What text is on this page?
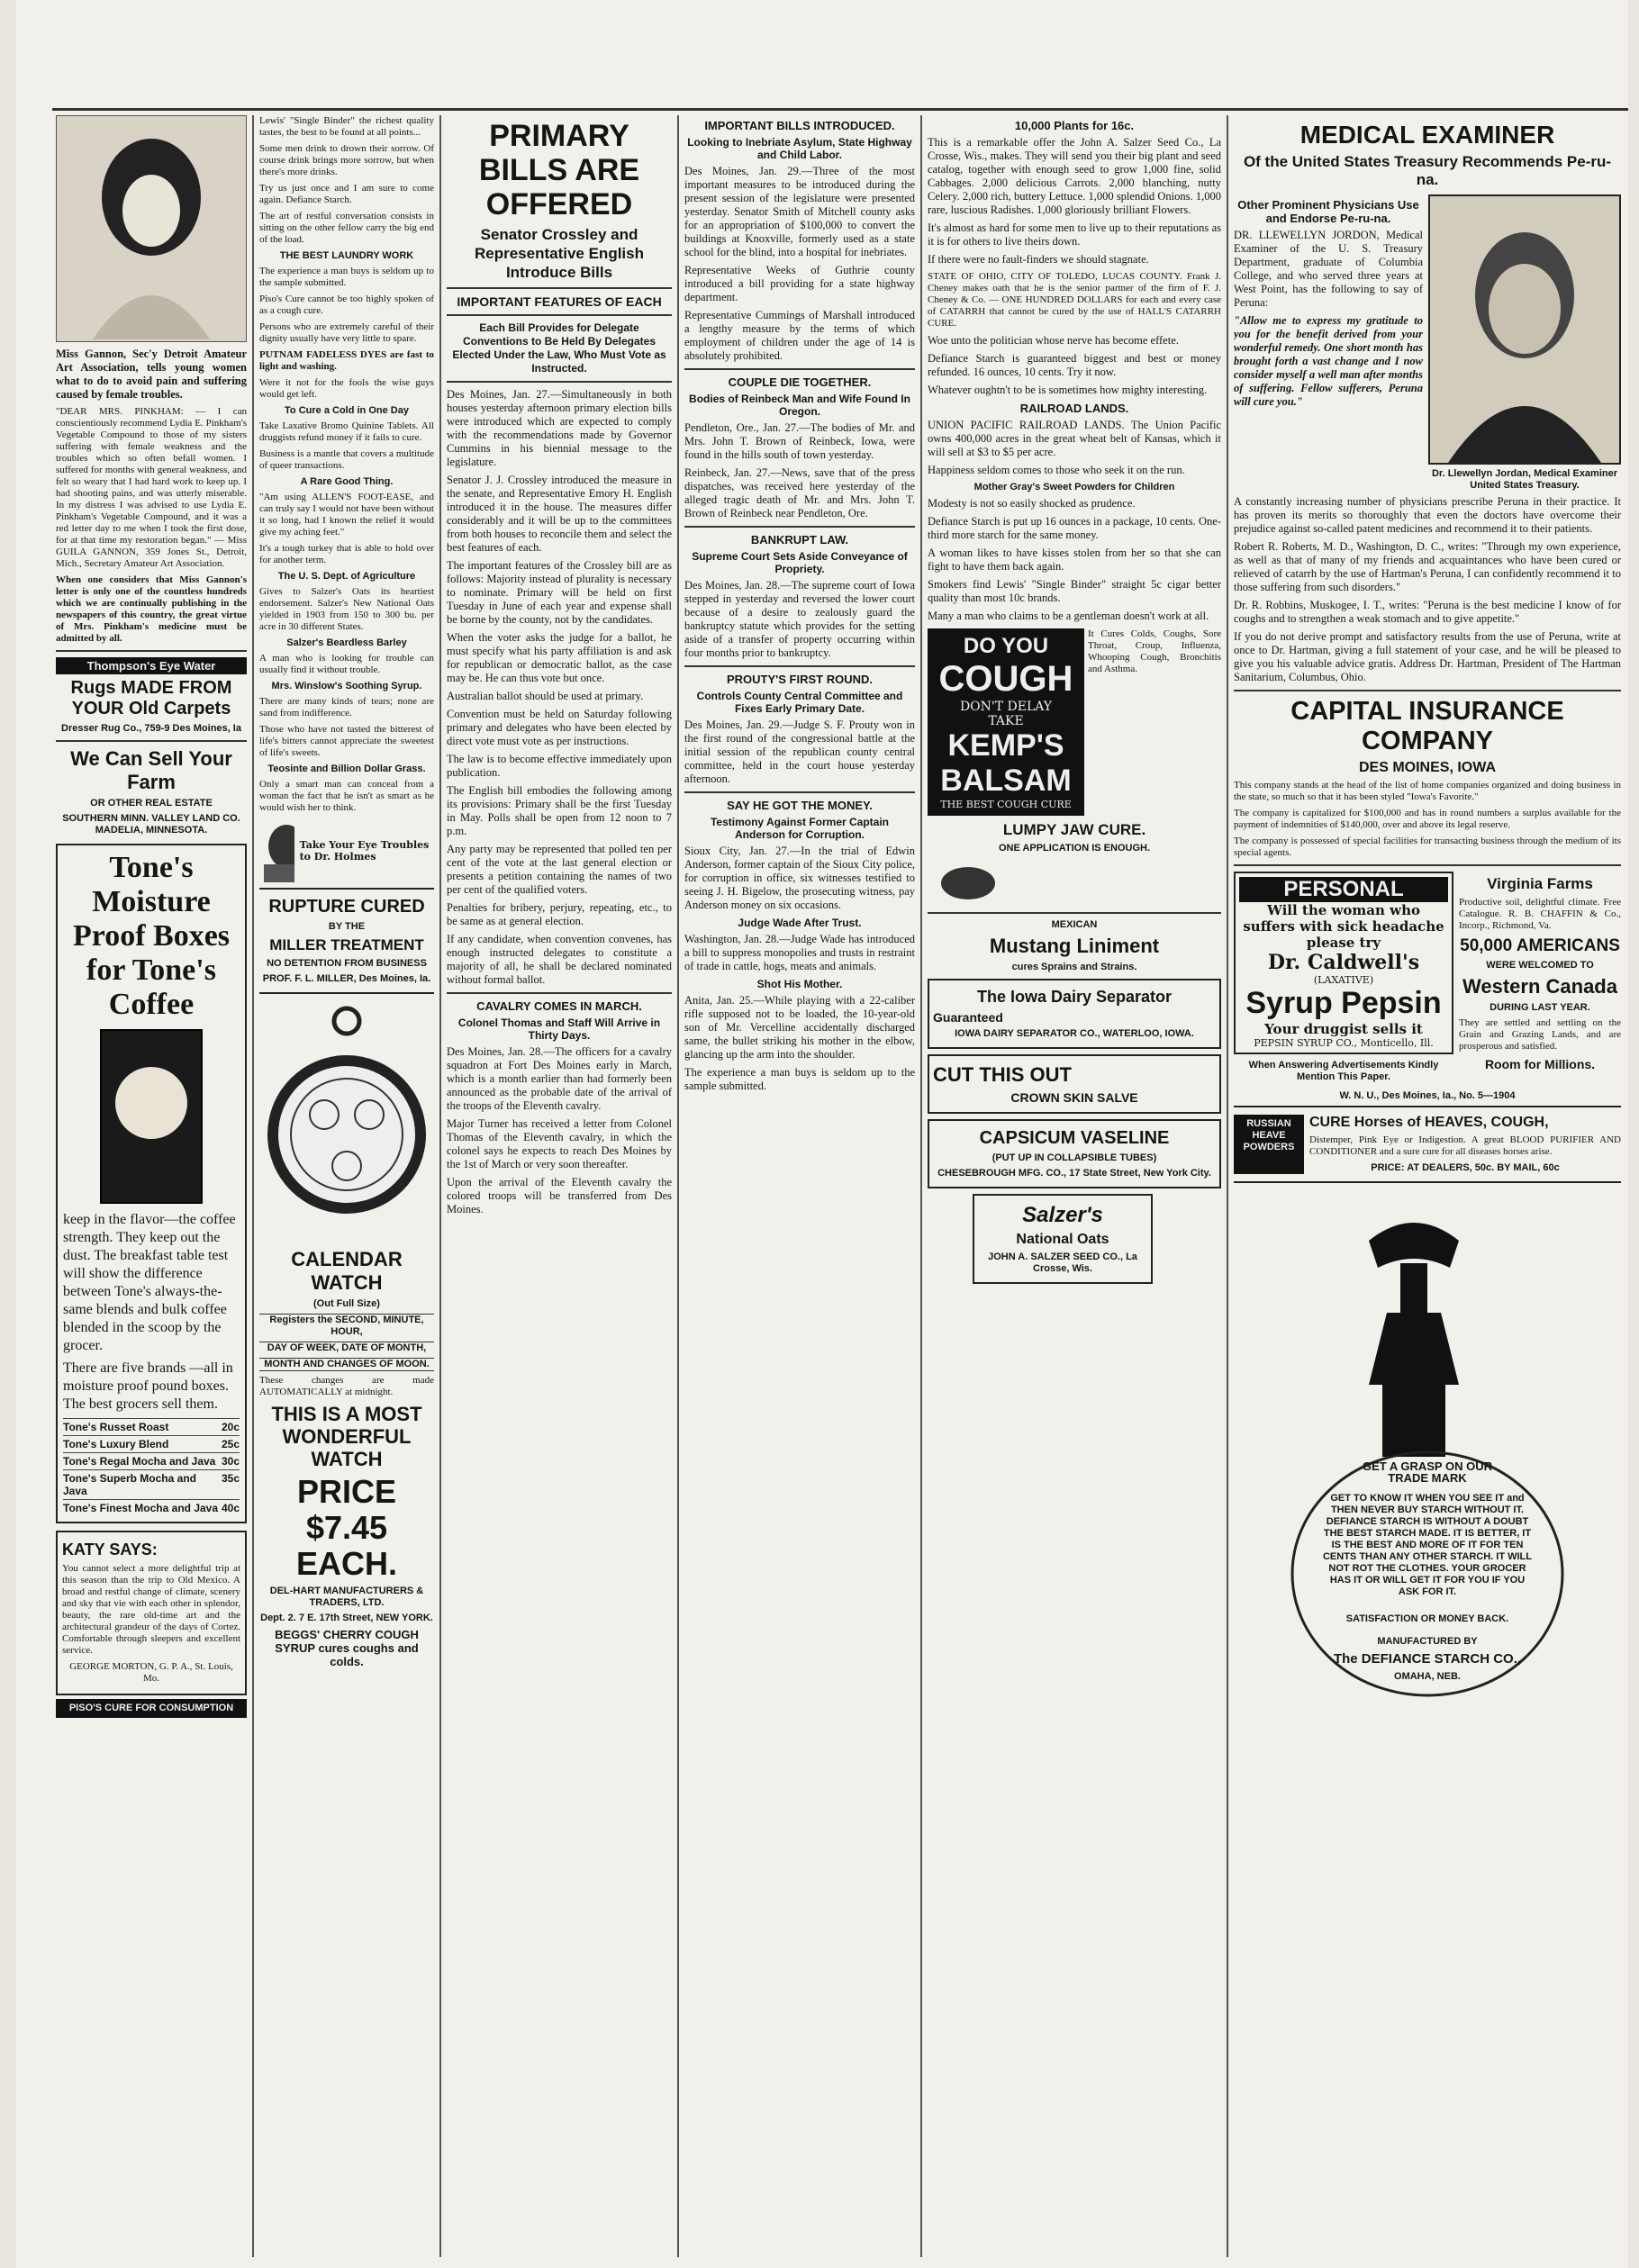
Miss Gannon, Sec'y Detroit Amateur Art Association, tells young women what to do to avoid pain and suffering caused by female troubles.

"DEAR MRS. PINKHAM: — I can conscientiously recommend Lydia E. Pinkham's Vegetable Compound to those of my sisters suffering with female weakness and the troubles which so often befall women. I suffered for months with general weakness, and felt so weary that I had hard work to keep up. I had shooting pains, and was utterly miserable. In my distress I was advised to use Lydia E. Pinkham's Vegetable Compound, and it was a red letter day to me when I took the first dose, for at that time my restoration began." — Miss GUILA GANNON, 359 Jones St., Detroit, Mich., Secretary Amateur Art Association.

When one considers that Miss Gannon's letter is only one of the countless hundreds which we are continually publishing in the newspapers of this country, the great virtue of Mrs. Pinkham's medicine must be admitted by all.

Thompson's Eye Water
Rugs MADE FROM YOUR Old Carpets
Dresser Rug Co., 759-9 Des Moines, Ia
We Can Sell Your Farm
OR OTHER REAL ESTATE
SOUTHERN MINN. VALLEY LAND CO. MADELIA, MINNESOTA.
Tone's Moisture Proof Boxes for Tone's Coffee

keep in the flavor—the coffee strength. They keep out the dust. The breakfast table test will show the difference between Tone's always-the-same blends and bulk coffee blended in the scoop by the grocer.

There are five brands —all in moisture proof pound boxes. The best grocers sell them.

Tone's Russet Roast	20c
Tone's Luxury Blend	25c
Tone's Regal Mocha and Java 30c
Tone's Superb Mocha and Java
35c
Tone's Finest Mocha and Java 40c
KATY SAYS:

You cannot select a more delightful trip at this season than the trip to Old Mexico. A broad and restful change of climate, scenery and sky that vie with each other in splendor, beauty, the rare old-time art and the architectural grandeur of the days of Cortez. Comfortable through sleepers and excellent service.

GEORGE MORTON, G. P. A., St. Louis, Mo.

PISO'S CURE FOR CONSUMPTION

Lewis' "Single Binder" the richest quality tastes, the best to be found at all points...

Some men drink to drown their sorrow. Of course drink brings more sorrow, but when there's more drinks.

Try us just once and I am sure to come again. Defiance Starch.

The art of restful conversation consists in sitting on the other fellow carry the big end of the load.

THE BEST LAUNDRY WORK

The experience a man buys is seldom up to the sample submitted.

Piso's Cure cannot be too highly spoken of as a cough cure.

Persons who are extremely careful of their dignity usually have very little to spare.

PUTNAM FADELESS DYES are fast to light and washing.

Were it not for the fools the wise guys would get left.

To Cure a Cold in One Day

Take Laxative Bromo Quinine Tablets. All druggists refund money if it fails to cure.

Business is a mantle that covers a multitude of queer transactions.

A Rare Good Thing.

"Am using ALLEN'S FOOT-EASE, and can truly say I would not have been without it so long, had I known the relief it would give my aching feet."

It's a tough turkey that is able to hold over for another term.

The U. S. Dept. of Agriculture

Gives to Salzer's Oats its heartiest endorsement. Salzer's New National Oats yielded in 1903 from 150 to 300 bu. per acre in 30 different States.

Salzer's Beardless Barley

A man who is looking for trouble can usually find it without trouble.

Mrs. Winslow's Soothing Syrup.

There are many kinds of tears; none are sand from indifference.

Those who have not tasted the bitterest of life's bitters cannot appreciate the sweetest of life's sweets.

Teosinte and Billion Dollar Grass.

Only a smart man can conceal from a woman the fact that he isn't as smart as he would wish her to think.

Take Your Eye Troubles to Dr. Holmes
RUPTURE CURED
BY THE
MILLER TREATMENT
NO DETENTION FROM BUSINESS
PROF. F. L. MILLER, Des Moines, Ia.
CALENDAR WATCH
(Out Full Size)
Registers the SECOND, MINUTE, HOUR,
DAY OF WEEK, DATE OF MONTH,
MONTH AND CHANGES OF MOON.

These changes are made AUTOMATICALLY at midnight.

THIS IS A MOST WONDERFUL WATCH
PRICE $7.45 EACH.
DEL-HART MANUFACTURERS & TRADERS, LTD.
Dept. 2. 7 E. 17th Street, NEW YORK.
BEGGS' CHERRY COUGH SYRUP cures coughs and colds.
PRIMARY BILLS ARE OFFERED
Senator Crossley and Representative English Introduce Bills
IMPORTANT FEATURES OF EACH
Each Bill Provides for Delegate Conventions to Be Held By Delegates Elected Under the Law, Who Must Vote as Instructed.

Des Moines, Jan. 27.—Simultaneously in both houses yesterday afternoon primary election bills were introduced which are expected to comply with the recommendations made by Governor Cummins in his biennial message to the legislature.

Senator J. J. Crossley introduced the measure in the senate, and Representative Emory H. English introduced it in the house. The measures differ considerably and it will be up to the committees from both houses to reconcile them and select the best features of each.

The important features of the Crossley bill are as follows: Majority instead of plurality is necessary to nominate. Primary will be held on first Tuesday in June of each year and expense shall be borne by the county, not by the candidates.

When the voter asks the judge for a ballot, he must specify what his party affiliation is and ask for republican or democratic ballot, as the case may be. He can thus vote but once.

Australian ballot should be used at primary.

Convention must be held on Saturday following primary and delegates who have been elected by direct vote must vote as per instructions.

The law is to become effective immediately upon publication.

The English bill embodies the following among its provisions: Primary shall be the first Tuesday in May. Polls shall be open from 12 noon to 7 p.m.

Any party may be represented that polled ten per cent of the vote at the last general election or presents a petition containing the names of two per cent of the qualified voters.

Penalties for bribery, perjury, repeating, etc., to be same as at general election.

If any candidate, when convention convenes, has enough instructed delegates to constitute a majority of all, he shall be declared nominated without formal ballot.

CAVALRY COMES IN MARCH.
Colonel Thomas and Staff Will Arrive in Thirty Days.

Des Moines, Jan. 28.—The officers for a cavalry squadron at Fort Des Moines early in March, which is a month earlier than had formerly been announced as the probable date of the arrival of the troops of the Eleventh cavalry.

Major Turner has received a letter from Colonel Thomas of the Eleventh cavalry, in which the colonel says he expects to reach Des Moines by the 1st of March or very soon thereafter.

Upon the arrival of the Eleventh cavalry the colored troops will be transferred from Des Moines.

IMPORTANT BILLS INTRODUCED.
Looking to Inebriate Asylum, State Highway and Child Labor.

Des Moines, Jan. 29.—Three of the most important measures to be introduced during the present session of the legislature were presented yesterday. Senator Smith of Mitchell county asks for an appropriation of $100,000 to convert the buildings at Knoxville, formerly used as a state school for the blind, into a hospital for inebriates.

Representative Weeks of Guthrie county introduced a bill providing for a state highway department.

Representative Cummings of Marshall introduced a lengthy measure by the terms of which employment of children under the age of 14 is absolutely prohibited.

COUPLE DIE TOGETHER.
Bodies of Reinbeck Man and Wife Found In Oregon.

Pendleton, Ore., Jan. 27.—The bodies of Mr. and Mrs. John T. Brown of Reinbeck, Iowa, were found in the hills south of town yesterday.

Reinbeck, Jan. 27.—News, save that of the press dispatches, was received here yesterday of the alleged tragic death of Mr. and Mrs. John T. Brown of Reinbeck near Pendleton, Ore.

BANKRUPT LAW.
Supreme Court Sets Aside Conveyance of Propriety.

Des Moines, Jan. 28.—The supreme court of Iowa stepped in yesterday and reversed the lower court because of a desire to zealously guard the bankruptcy statute which provides for the setting aside of a transfer of property occurring within four months prior to bankruptcy.

PROUTY'S FIRST ROUND.
Controls County Central Committee and Fixes Early Primary Date.

Des Moines, Jan. 29.—Judge S. F. Prouty won in the first round of the congressional battle at the initial session of the republican county central committee, held in the court house yesterday afternoon.

SAY HE GOT THE MONEY.
Testimony Against Former Captain Anderson for Corruption.

Sioux City, Jan. 27.—In the trial of Edwin Anderson, former captain of the Sioux City police, for corruption in office, six witnesses testified to seeing J. H. Bigelow, the prosecuting witness, pay Anderson money on six occasions.

Judge Wade After Trust.

Washington, Jan. 28.—Judge Wade has introduced a bill to suppress monopolies and trusts in restraint of trade in cattle, hogs, meats and animals.

Shot His Mother.

Anita, Jan. 25.—While playing with a 22-caliber rifle supposed not to be loaded, the 10-year-old son of Mr. Vercelline accidentally discharged same, the bullet striking his mother in the elbow, glancing up the arm into the shoulder.

The experience a man buys is seldom up to the sample submitted.

10,000 Plants for 16c.

This is a remarkable offer the John A. Salzer Seed Co., La Crosse, Wis., makes. They will send you their big plant and seed catalog, together with enough seed to grow 1,000 fine, solid Cabbages. 2,000 delicious Carrots. 2,000 blanching, nutty Celery. 2,000 rich, buttery Lettuce. 1,000 splendid Onions. 1,000 rare, luscious Radishes. 1,000 gloriously brilliant Flowers.

It's almost as hard for some men to live up to their reputations as it is for others to live theirs down.

If there were no fault-finders we should stagnate.

STATE OF OHIO, CITY OF TOLEDO, LUCAS COUNTY. Frank J. Cheney makes oath that he is the senior partner of the firm of F. J. Cheney & Co. — ONE HUNDRED DOLLARS for each and every case of CATARRH that cannot be cured by the use of HALL'S CATARRH CURE.

Woe unto the politician whose nerve has become effete.

Defiance Starch is guaranteed biggest and best or money refunded. 16 ounces, 10 cents. Try it now.

Whatever oughtn't to be is sometimes how mighty interesting.

RAILROAD LANDS.

UNION PACIFIC RAILROAD LANDS. The Union Pacific owns 400,000 acres in the great wheat belt of Kansas, which it will sell at $3 to $5 per acre.

Happiness seldom comes to those who seek it on the run.

Mother Gray's Sweet Powders for Children

Modesty is not so easily shocked as prudence.

Defiance Starch is put up 16 ounces in a package, 10 cents. One-third more starch for the same money.

A woman likes to have kisses stolen from her so that she can fight to have them back again.

Smokers find Lewis' "Single Binder" straight 5c cigar better quality than most 10c brands.

Many a man who claims to be a gentleman doesn't work at all.

DO YOU
COUGH
DON'T DELAY
TAKE
KEMP'S
BALSAM
THE BEST COUGH CURE

It Cures Colds, Coughs, Sore Throat, Croup, Influenza, Whooping Cough, Bronchitis and Asthma.

LUMPY JAW CURE.
ONE APPLICATION IS ENOUGH.
MEXICAN
Mustang Liniment
cures Sprains and Strains.
The Iowa Dairy Separator
Guaranteed
IOWA DAIRY SEPARATOR CO., WATERLOO, IOWA.
CUT THIS OUT
CROWN SKIN SALVE
CAPSICUM VASELINE
(PUT UP IN COLLAPSIBLE TUBES)
CHESEBROUGH MFG. CO., 17 State Street, New York City.
Salzer's
National Oats
JOHN A. SALZER SEED CO., La Crosse, Wis.
MEDICAL EXAMINER
Of the United States Treasury Recommends Pe-ru-na.
Other Prominent Physicians Use and Endorse Pe-ru-na.

DR. LLEWELLYN JORDON, Medical Examiner of the U. S. Treasury Department, graduate of Columbia College, and who served three years at West Point, has the following to say of Peruna:

"Allow me to express my gratitude to you for the benefit derived from your wonderful remedy. One short month has brought forth a vast change and I now consider myself a well man after months of suffering. Fellow sufferers, Peruna will cure you."

Dr. Llewellyn Jordan, Medical Examiner United States Treasury.

A constantly increasing number of physicians prescribe Peruna in their practice. It has proven its merits so thoroughly that even the doctors have overcome their prejudice against so-called patent medicines and recommend it to their patients.

Robert R. Roberts, M. D., Washington, D. C., writes: "Through my own experience, as well as that of many of my friends and acquaintances who have been cured or relieved of catarrh by the use of Hartman's Peruna, I can confidently recommend it to those suffering from such disorders."

Dr. R. Robbins, Muskogee, I. T., writes: "Peruna is the best medicine I know of for coughs and to strengthen a weak stomach and to give appetite."

If you do not derive prompt and satisfactory results from the use of Peruna, write at once to Dr. Hartman, giving a full statement of your case, and he will be pleased to give you his valuable advice gratis. Address Dr. Hartman, President of The Hartman Sanitarium, Columbus, Ohio.

CAPITAL INSURANCE COMPANY
DES MOINES, IOWA

This company stands at the head of the list of home companies organized and doing business in the state, so much so that it has been styled "Iowa's Favorite."

The company is capitalized for $100,000 and has in round numbers a surplus available for the payment of indemnities of $140,000, over and above its legal reserve.

The company is possessed of special facilities for transacting business through the medium of its special agents.

PERSONAL
Will the woman who suffers with sick headache please try
Dr. Caldwell's
(LAXATIVE)
Syrup Pepsin
Your druggist sells it
PEPSIN SYRUP CO., Monticello, Ill.
When Answering Advertisements Kindly Mention This Paper.
Virginia Farms

Productive soil, delightful climate. Free Catalogue. R. B. CHAFFIN & Co., Incorp., Richmond, Va.

50,000 AMERICANS
WERE WELCOMED TO
Western Canada
DURING LAST YEAR.

They are settled and settling on the Grain and Grazing Lands, and are prosperous and satisfied.

Room for Millions.
W. N. U., Des Moines, Ia., No. 5—1904
RUSSIAN HEAVE POWDERS
CURE Horses of HEAVES, COUGH,

Distemper, Pink Eye or Indigestion. A great BLOOD PURIFIER AND CONDITIONER and a sure cure for all diseases horses arise.

PRICE: AT DEALERS, 50c. BY MAIL, 60c
GET A GRASP ON OUR TRADE MARK
GET TO KNOW IT WHEN YOU SEE IT and THEN NEVER BUY STARCH WITHOUT IT. DEFIANCE STARCH IS WITHOUT A DOUBT THE BEST STARCH MADE. IT IS BETTER, IT IS THE BEST AND MORE OF IT FOR TEN CENTS THAN ANY OTHER STARCH. IT WILL NOT ROT THE CLOTHES. YOUR GROCER HAS IT OR WILL GET IT FOR YOU IF YOU ASK FOR IT.
SATISFACTION OR MONEY BACK.
MANUFACTURED BY
The DEFIANCE STARCH CO.,
OMAHA, NEB.
